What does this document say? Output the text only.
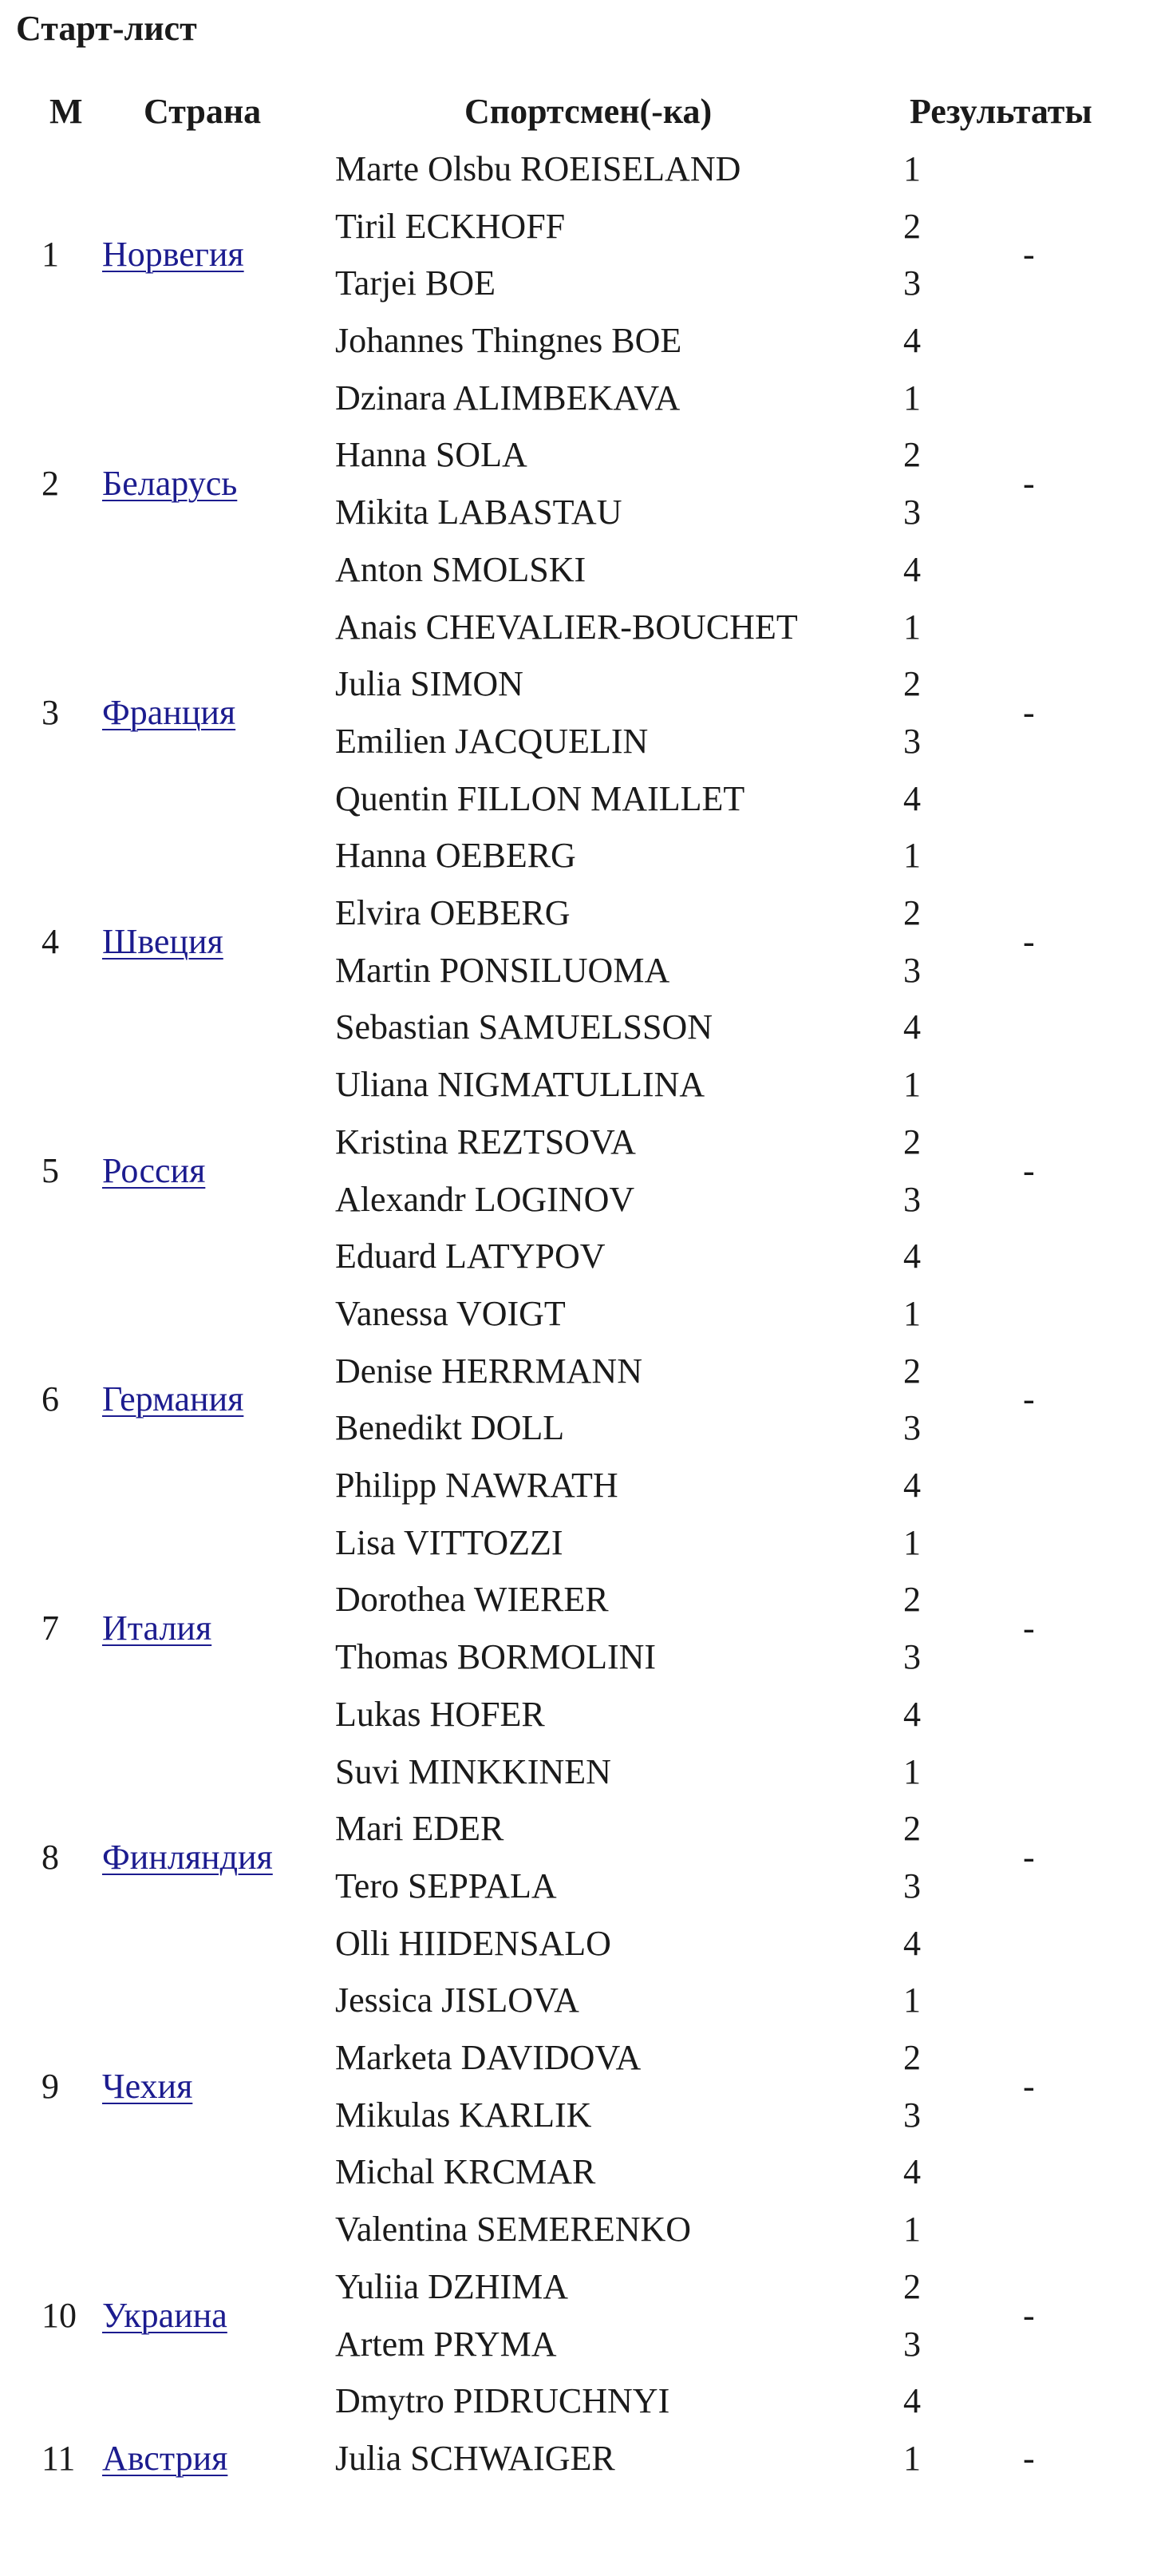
Старт-лист
М Страна	Спортсмен(-ка)	Результаты
1 Норвегия	-
Marte Olsbu ROEISELAND	1
Tiril ECKHOFF	2
Tarjei BOE	3
Johannes Thingnes BOE	4
2 Беларусь	-
Dzinara ALIMBEKAVA	1
Hanna SOLA	2
Mikita LABASTAU	3
Anton SMOLSKI	4
3 Франция	-
Anais CHEVALIER-BOUCHET	1
Julia SIMON	2
Emilien JACQUELIN	3
Quentin FILLON MAILLET	4
4 Швеция	-
Hanna OEBERG	1
Elvira OEBERG	2
Martin PONSILUOMA	3
Sebastian SAMUELSSON	4
5 Россия	-
Uliana NIGMATULLINA	1
Kristina REZTSOVA	2
Alexandr LOGINOV	3
Eduard LATYPOV	4
6 Германия	-
Vanessa VOIGT	1
Denise HERRMANN	2
Benedikt DOLL	3
Philipp NAWRATH	4
7 Италия	-
Lisa VITTOZZI	1
Dorothea WIERER	2
Thomas BORMOLINI	3
Lukas HOFER	4
8 Финляндия	-
Suvi MINKKINEN	1
Mari EDER	2
Tero SEPPALA	3
Olli HIIDENSALO	4
9 Чехия	-
Jessica JISLOVA	1
Marketa DAVIDOVA	2
Mikulas KARLIK	3
Michal KRCMAR	4
10 Украина	-
Valentina SEMERENKO	1
Yuliia DZHIMA	2
Artem PRYMA	3
Dmytro PIDRUCHNYI	4
11 Австрия	-
Julia SCHWAIGER	1
